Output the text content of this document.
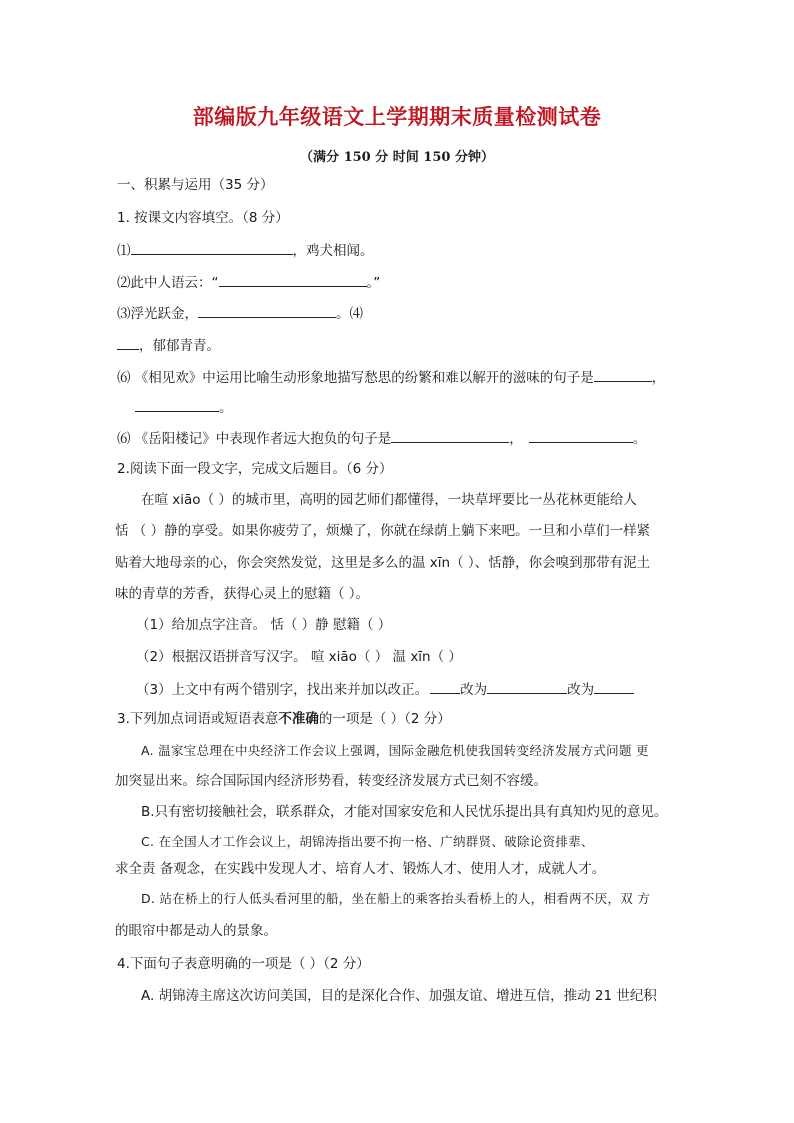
部编版九年级语文上学期期末质量检测试卷
（满分 150 分 时间 150 分钟）
一、积累与运用（35 分）
1. 按课文内容填空。（8 分）
⑴	，鸡犬相闻。
⑵此中人语云：“	。”
⑶浮光跃金，	。⑷
，郁郁青青。
⑹ 《相见欢》中运用比喻生动形象地描写愁思的纷繁和难以解开的滋味的句子是	，
。
⑹ 《岳阳楼记》中表现作者远大抱负的句子是	，	。
2.阅读下面一段文字，完成文后题目。（6 分）
在喧 xiāo（ ）的城市里，高明的园艺师们都懂得，一块草坪要比一丛花林更能给人
恬 （ ）静的享受。如果你疲劳了，烦燥了，你就在绿荫上躺下来吧。一旦和小草们一样紧
贴着大地母亲的心，你会突然发觉，这里是多么的温 xīn（ ）、恬静，你会嗅到那带有泥土
味的青草的芳香，获得心灵上的慰籍（ ）。
（1）给加点字注音。 恬（ ）静 慰籍（ ）
（2）根据汉语拼音写汉字。 喧 xiāo（ ） 温 xīn（ ）
（3）上文中有两个错别字，找出来并加以改正。 改为	改为
3.下列加点词语或短语表意不准确的一项是（ ）（2 分）
A. 温家宝总理在中央经济工作会议上强调，国际金融危机使我国转变经济发展方式问题 更
加突显出来。综合国际国内经济形势看，转变经济发展方式已刻不容缓。
B.只有密切接触社会，联系群众，才能对国家安危和人民忧乐提出具有真知灼见的意见。
C. 在全国人才工作会议上，胡锦涛指出要不拘一格、广纳群贤、破除论资排辈、
求全责 备观念，在实践中发现人才、培育人才、锻炼人才、使用人才，成就人才。
D. 站在桥上的行人低头看河里的船，坐在船上的乘客抬头看桥上的人，相看两不厌，双 方
的眼帘中都是动人的景象。
4.下面句子表意明确的一项是（ ）（2 分）
A. 胡锦涛主席这次访问美国，目的是深化合作、加强友谊、增进互信，推动 21 世纪积
